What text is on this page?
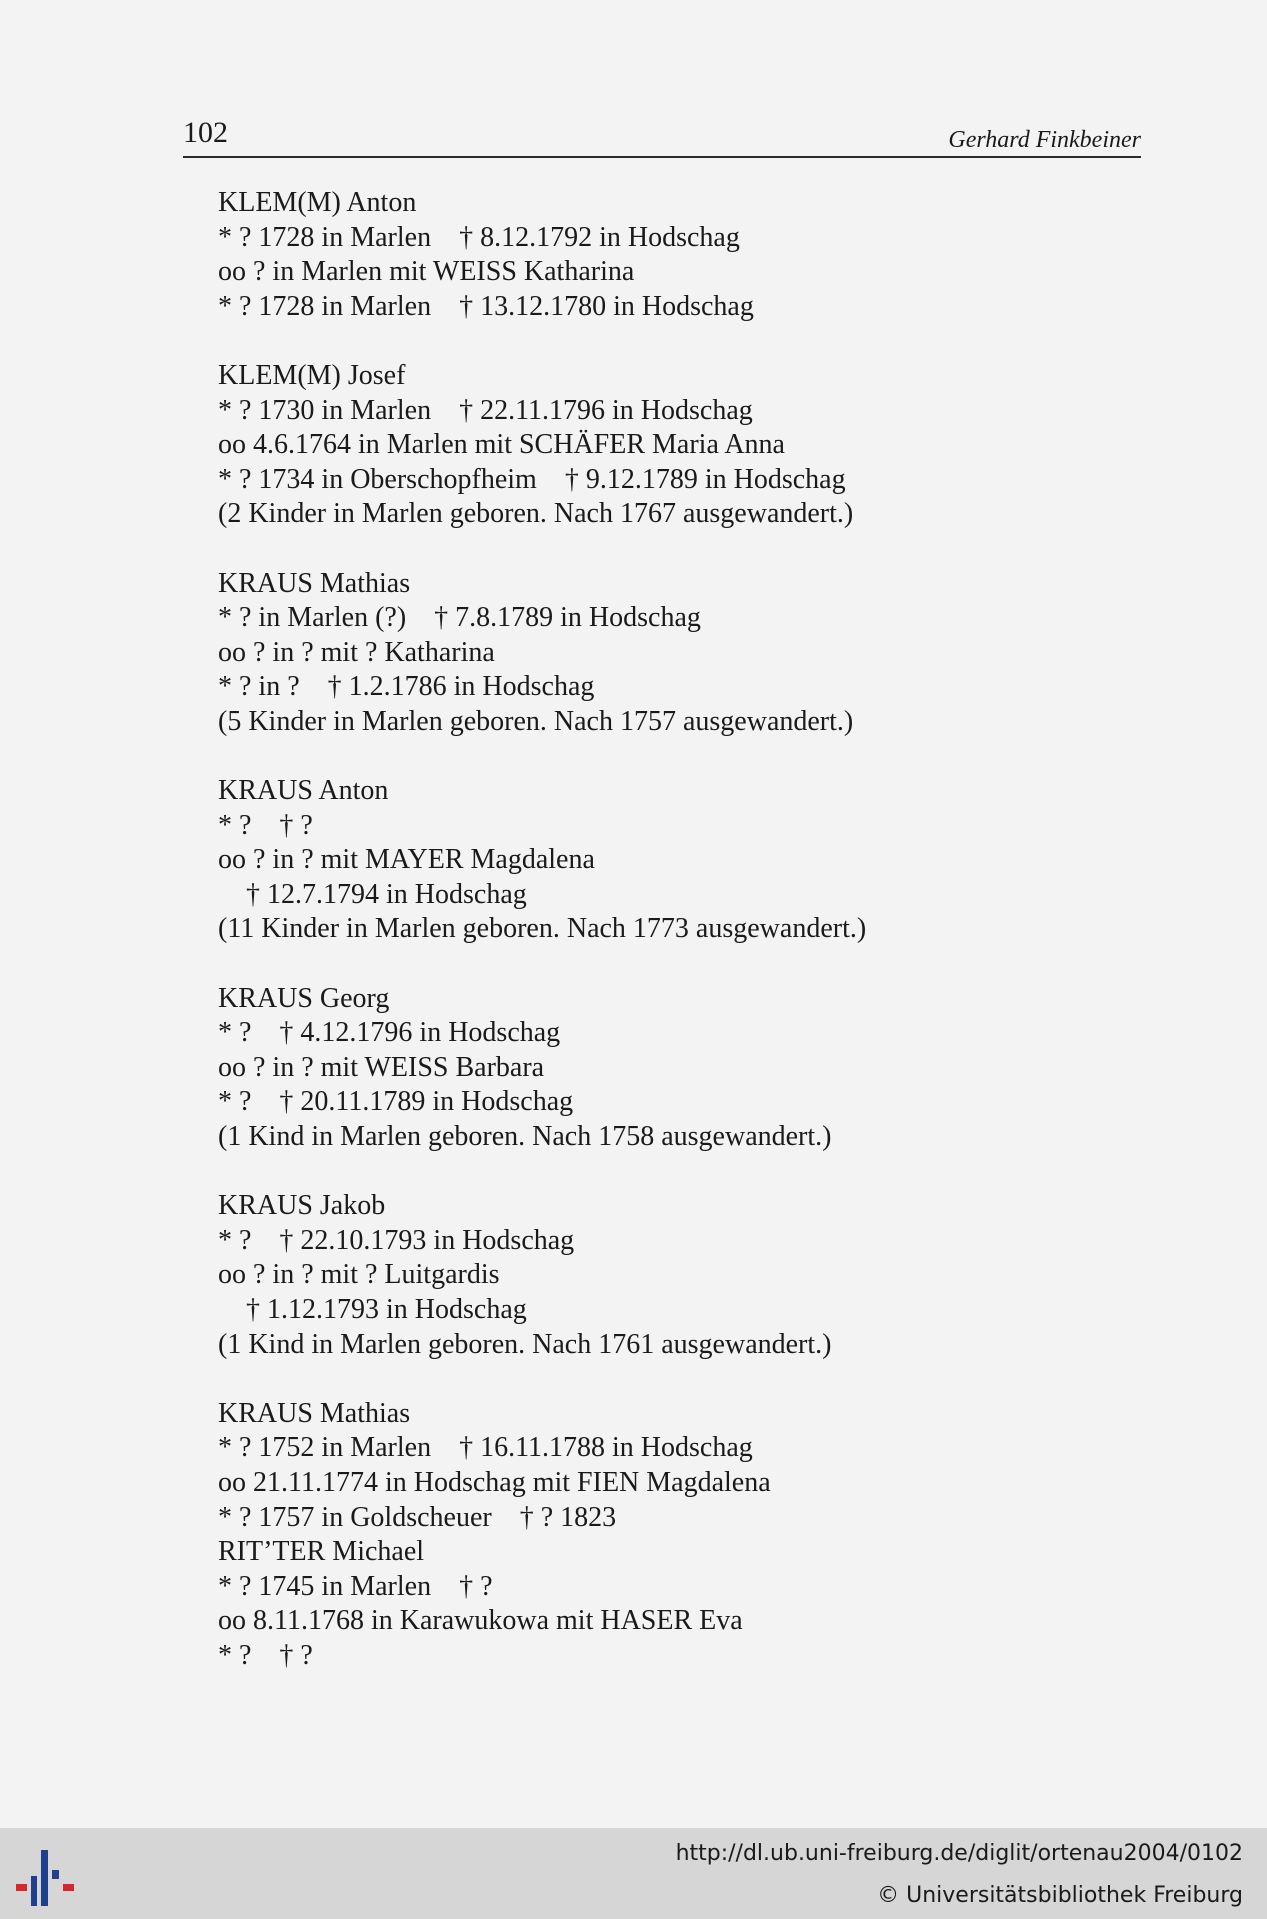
102	Gerhard Finkbeiner
KLEM(M) Anton
* ? 1728 in Marlen    † 8.12.1792 in Hodschag
oo ? in Marlen mit WEISS Katharina
* ? 1728 in Marlen    † 13.12.1780 in Hodschag
KLEM(M) Josef
* ? 1730 in Marlen    † 22.11.1796 in Hodschag
oo 4.6.1764 in Marlen mit SCHÄFER Maria Anna
* ? 1734 in Oberschopfheim    † 9.12.1789 in Hodschag
(2 Kinder in Marlen geboren. Nach 1767 ausgewandert.)
KRAUS Mathias
* ? in Marlen (?)    † 7.8.1789 in Hodschag
oo ? in ? mit ? Katharina
* ? in ?    † 1.2.1786 in Hodschag
(5 Kinder in Marlen geboren. Nach 1757 ausgewandert.)
KRAUS Anton
* ?    † ?
oo ? in ? mit MAYER Magdalena
† 12.7.1794 in Hodschag
(11 Kinder in Marlen geboren. Nach 1773 ausgewandert.)
KRAUS Georg
* ?    † 4.12.1796 in Hodschag
oo ? in ? mit WEISS Barbara
* ?    † 20.11.1789 in Hodschag
(1 Kind in Marlen geboren. Nach 1758 ausgewandert.)
KRAUS Jakob
* ?    † 22.10.1793 in Hodschag
oo ? in ? mit ? Luitgardis
† 1.12.1793 in Hodschag
(1 Kind in Marlen geboren. Nach 1761 ausgewandert.)
KRAUS Mathias
* ? 1752 in Marlen    † 16.11.1788 in Hodschag
oo 21.11.1774 in Hodschag mit FIEN Magdalena
* ? 1757 in Goldscheuer    † ? 1823
RIT’TER Michael
* ? 1745 in Marlen    † ?
oo 8.11.1768 in Karawukowa mit HASER Eva
* ?    † ?
http://dl.ub.uni-freiburg.de/diglit/ortenau2004/0102
© Universitätsbibliothek Freiburg
